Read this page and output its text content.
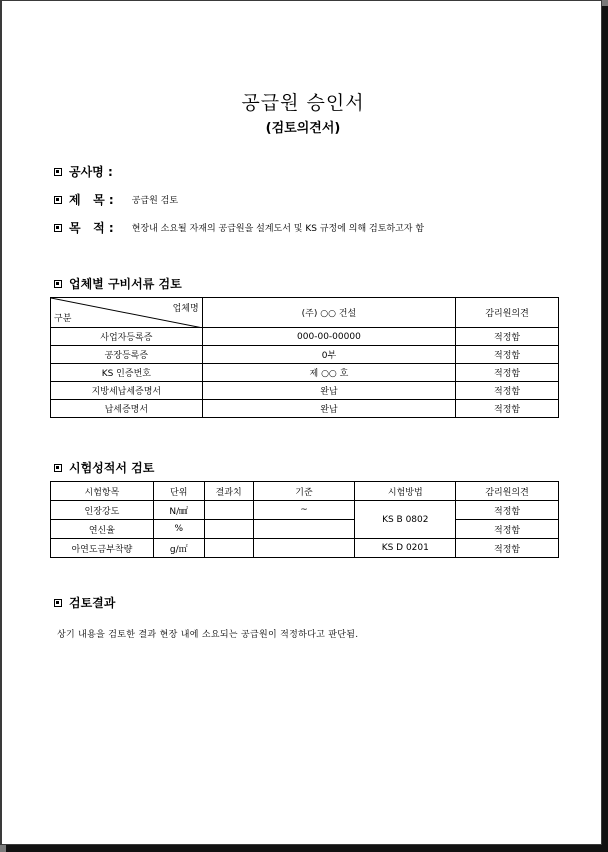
공급원 승인서
(검토의견서)
공사명 :
제   목 : 공급원 검토
목   적 : 현장내 소요될 자재의 공급원을 설계도서 및 KS 규정에 의해 검토하고자 함
업체별 구비서류 검토
업체명
구분	(주) ○○ 건설	감리원의견
사업자등록증	000-00-00000	적정함
공장등록증	0부	적정함
KS 인증번호	제 ○○ 호	적정함
지방세납세증명서	완납	적정함
납세증명서	완납	적정함
시험성적서 검토
시험항목	단위	결과치	기준	시험방법	감리원의견
인장강도	N/㎟		~	KS B 0802	적정함
연신율	%				적정함
아연도금부착량	g/㎡			KS D 0201	적정함
검토결과
상기 내용을 검토한 결과 현장 내에 소요되는 공급원이 적정하다고 판단됨.
